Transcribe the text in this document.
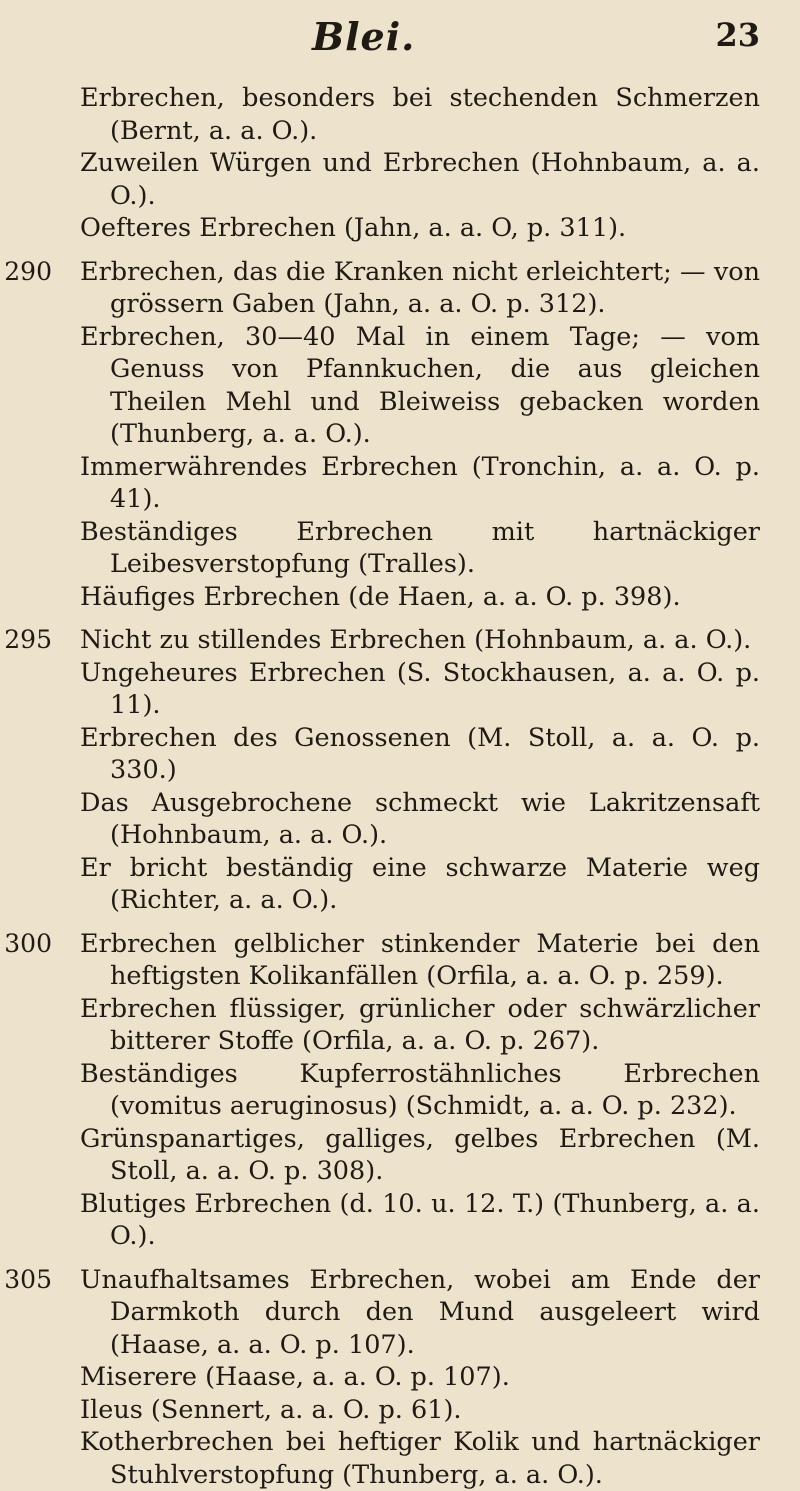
Blei.	23
Erbrechen, besonders bei stechenden Schmerzen (Bernt, a. a. O.).
Zuweilen Würgen und Erbrechen (Hohnbaum, a. a. O.).
Oefteres Erbrechen (Jahn, a. a. O, p. 311).
290 Erbrechen, das die Kranken nicht erleichtert; — von grössern Gaben (Jahn, a. a. O. p. 312).
Erbrechen, 30—40 Mal in einem Tage; — vom Genuss von Pfannkuchen, die aus gleichen Theilen Mehl und Bleiweiss gebacken worden (Thunberg, a. a. O.).
Immerwährendes Erbrechen (Tronchin, a. a. O. p. 41).
Beständiges Erbrechen mit hartnäckiger Leibesverstopfung (Tralles).
Häufiges Erbrechen (de Haen, a. a. O. p. 398).
295 Nicht zu stillendes Erbrechen (Hohnbaum, a. a. O.).
Ungeheures Erbrechen (S. Stockhausen, a. a. O. p. 11).
Erbrechen des Genossenen (M. Stoll, a. a. O. p. 330.)
Das Ausgebrochene schmeckt wie Lakritzensaft (Hohnbaum, a. a. O.).
Er bricht beständig eine schwarze Materie weg (Richter, a. a. O.).
300 Erbrechen gelblicher stinkender Materie bei den heftigsten Kolikanfällen (Orfila, a. a. O. p. 259).
Erbrechen flüssiger, grünlicher oder schwärzlicher bitterer Stoffe (Orfila, a. a. O. p. 267).
Beständiges Kupferrostähnliches Erbrechen (vomitus aeruginosus) (Schmidt, a. a. O. p. 232).
Grünspanartiges, galliges, gelbes Erbrechen (M. Stoll, a. a. O. p. 308).
Blutiges Erbrechen (d. 10. u. 12. T.) (Thunberg, a. a. O.).
305 Unaufhaltsames Erbrechen, wobei am Ende der Darmkoth durch den Mund ausgeleert wird (Haase, a. a. O. p. 107).
Miserere (Haase, a. a. O. p. 107).
Ileus (Sennert, a. a. O. p. 61).
Kotherbrechen bei heftiger Kolik und hartnäckiger Stuhlverstopfung (Thunberg, a. a. O.).
